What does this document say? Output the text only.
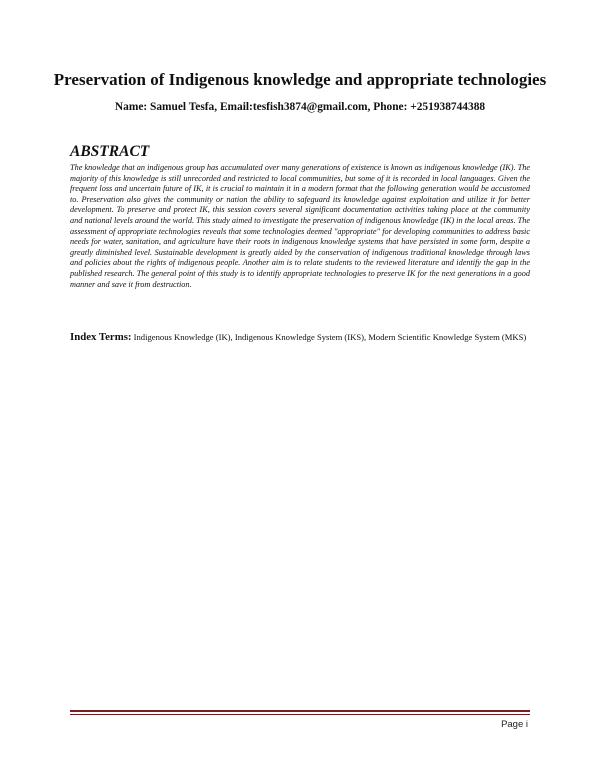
Preservation of Indigenous knowledge and appropriate technologies
Name: Samuel Tesfa, Email:tesfish3874@gmail.com, Phone: +251938744388
ABSTRACT

The knowledge that an indigenous group has accumulated over many generations of existence is known as indigenous knowledge (IK). The majority of this knowledge is still unrecorded and restricted to local communities, but some of it is recorded in local languages. Given the frequent loss and uncertain future of IK, it is crucial to maintain it in a modern format that the following generation would be accustomed to. Preservation also gives the community or nation the ability to safeguard its knowledge against exploitation and utilize it for better development. To preserve and protect IK, this session covers several significant documentation activities taking place at the community and national levels around the world. This study aimed to investigate the preservation of indigenous knowledge (IK) in the local areas. The assessment of appropriate technologies reveals that some technologies deemed "appropriate" for developing communities to address basic needs for water, sanitation, and agriculture have their roots in indigenous knowledge systems that have persisted in some form, despite a greatly diminished level. Sustainable development is greatly aided by the conservation of indigenous traditional knowledge through laws and policies about the rights of indigenous people. Another aim is to relate students to the reviewed literature and identify the gap in the published research. The general point of this study is to identify appropriate technologies to preserve IK for the next generations in a good manner and save it from destruction.

Index Terms: Indigenous Knowledge (IK), Indigenous Knowledge System (IKS), Modern Scientific Knowledge System (MKS)

Page i
